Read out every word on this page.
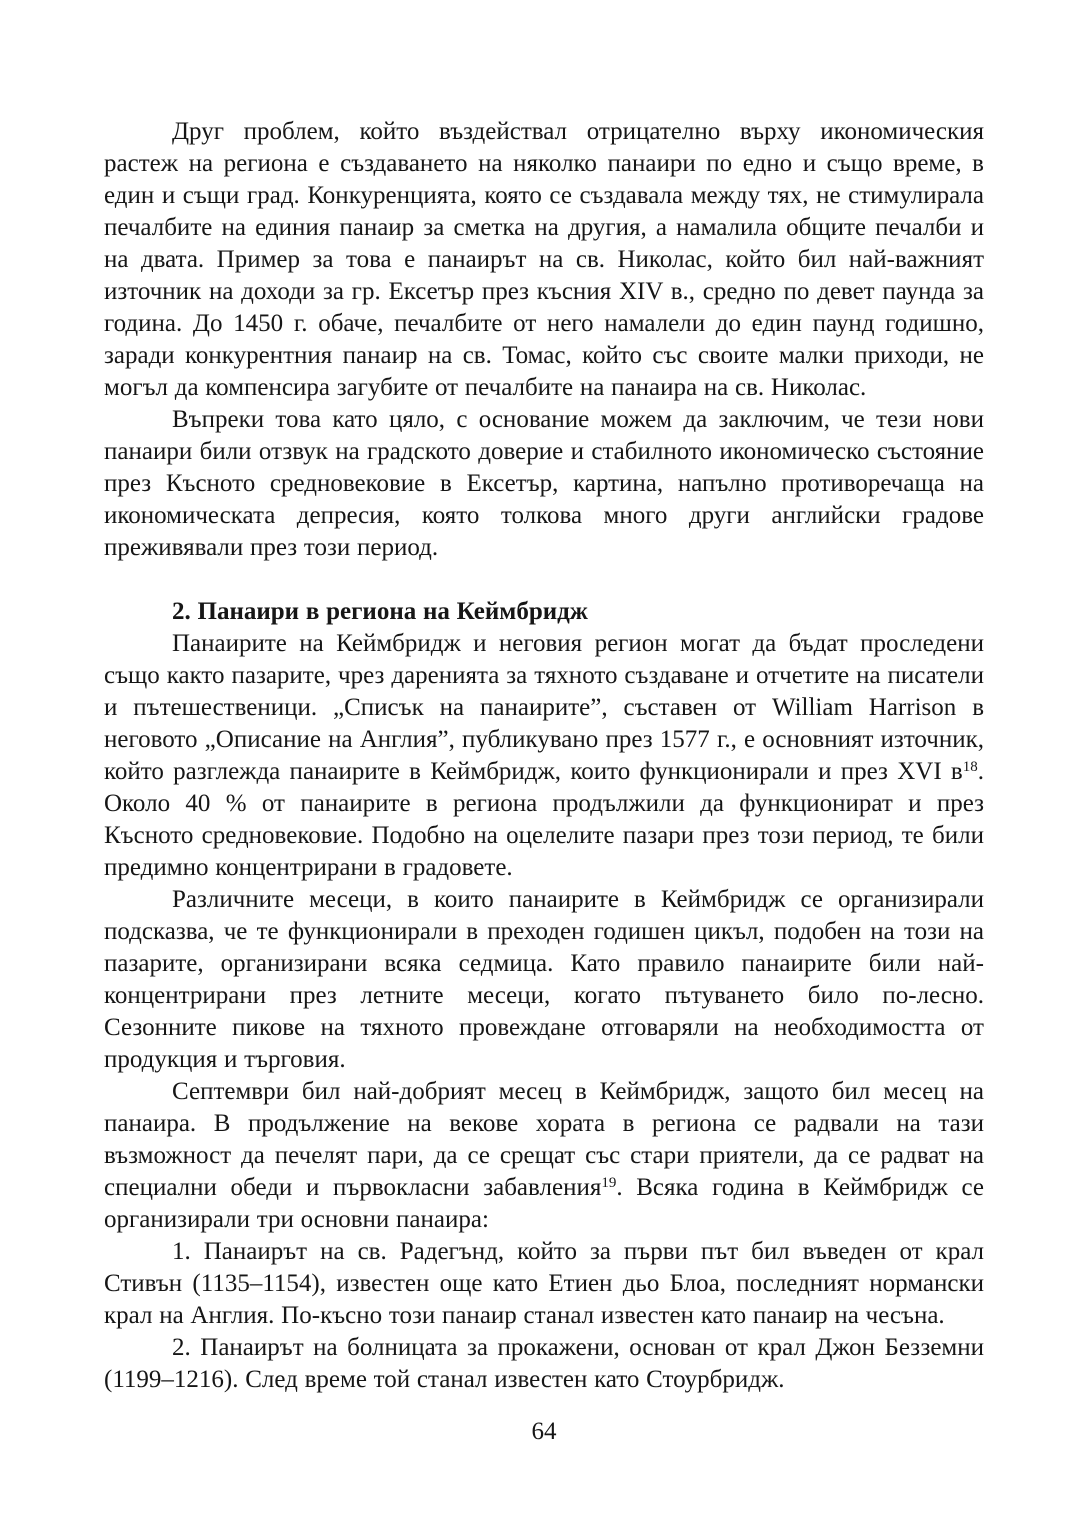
Друг проблем, който въздействал отрицателно върху икономическия растеж на региона е създаването на няколко панаири по едно и също време, в един и същи град. Конкуренцията, която се създавала между тях, не стимулирала печалбите на единия панаир за сметка на другия, а намалила общите печалби и на двата. Пример за това е панаирът на св. Николас, който бил най-важният източник на доходи за гр. Ексетър през късния XIV в., средно по девет паунда за година. До 1450 г. обаче, печалбите от него намалели до един паунд годишно, заради конкурентния панаир на св. Томас, който със своите малки приходи, не могъл да компенсира загубите от печалбите на панаира на св. Николас.

Въпреки това като цяло, с основание можем да заключим, че тези нови панаири били отзвук на градското доверие и стабилното икономическо състояние през Късното средновековие в Ексетър, картина, напълно противоречаща на икономическата депресия, която толкова много други английски градове преживявали през този период.

2. Панаири в региона на Кеймбридж

Панаирите на Кеймбридж и неговия регион могат да бъдат проследени също както пазарите, чрез даренията за тяхното създаване и отчетите на писатели и пътешественици. „Списък на панаирите”, съставен от William Harrison в неговото „Описание на Англия”, публикувано през 1577 г., е основният източник, който разглежда панаирите в Кеймбридж, които функционирали и през XVI $в^{18}$. Около 40 % от панаирите в региона продължили да функционират и през Късното средновековие. Подобно на оцелелите пазари през този период, те били предимно концентрирани в градовете.

Различните месеци, в които панаирите в Кеймбридж се организирали подсказва, че те функционирали в преходен годишен цикъл, подобен на този на пазарите, организирани всяка седмица. Като правило панаирите били най-концентрирани през летните месеци, когато пътуването било по-лесно. Сезонните пикове на тяхното провеждане отговаряли на необходимостта от продукция и търговия.

Септември бил най-добрият месец в Кеймбридж, защото бил месец на панаира. В продължение на векове хората в региона се радвали на тази възможност да печелят пари, да се срещат със стари приятели, да се радват на специални обеди и първокласни забавления$^{19}$. Всяка година в Кеймбридж се организирали три основни панаира:

1. Панаирът на св. Радегънд, който за първи път бил въведен от крал Стивън (1135–1154), известен още като Етиен дьо Блоа, последният нормански крал на Англия. По-късно този панаир станал известен като панаир на чесъна.

2. Панаирът на болницата за прокажени, основан от крал Джон Безземни (1199–1216). След време той станал известен като Стоурбридж.

64
